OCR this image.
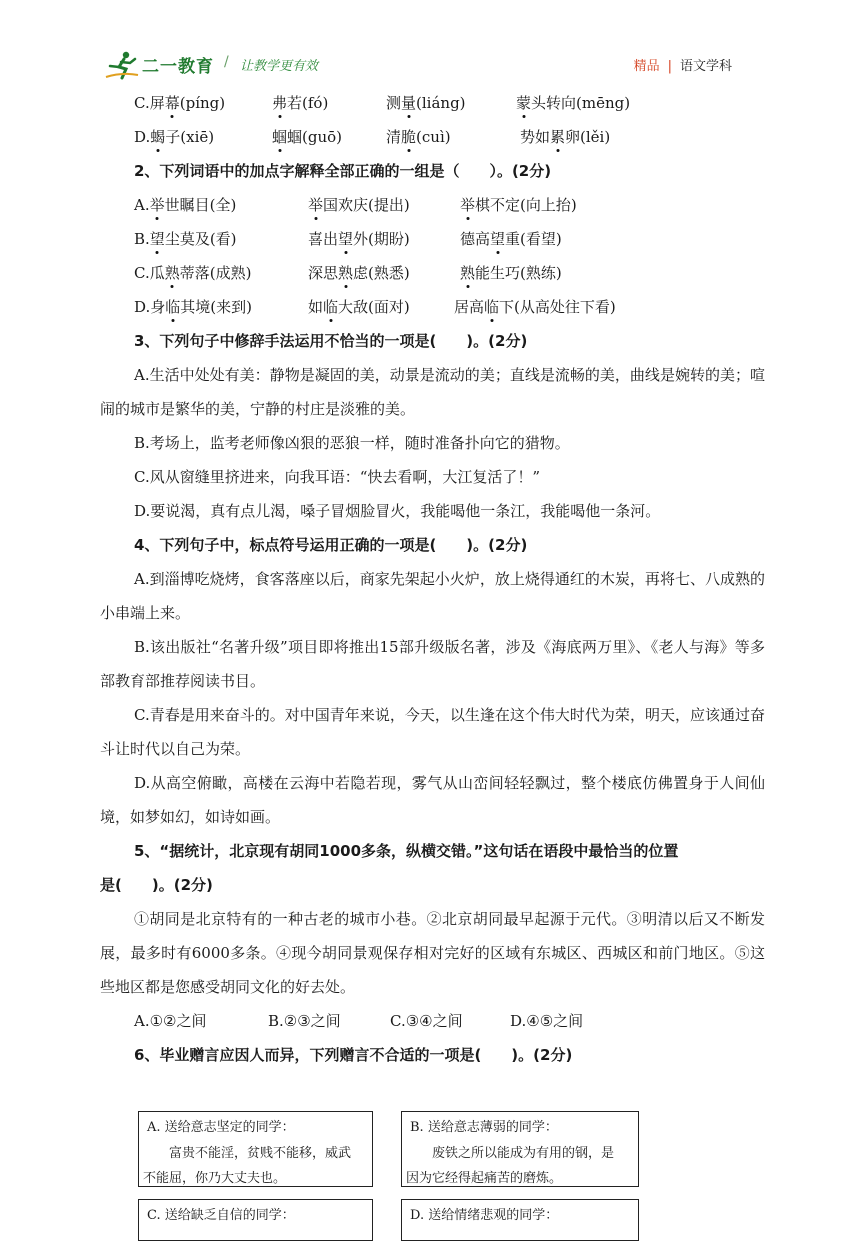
二一教育 / 让教学更有效	精品 | 语文学科
C.屏幕(píng)	弗若(fó)	测量(liáng)	蒙头转向(mēng)
D.蝎子(xiē)	蝈蝈(guō)	清脆(cuì)	势如累卵(lěi)
2、下列词语中的加点字解释全部正确的一组是（　　）。(2分)
A.举世瞩目(全)	举国欢庆(提出)	举棋不定(向上抬)
B.望尘莫及(看)	喜出望外(期盼)	德高望重(看望)
C.瓜熟蒂落(成熟)	深思熟虑(熟悉)	熟能生巧(熟练)
D.身临其境(来到)	如临大敌(面对)	居高临下(从高处往下看)
3、下列句子中修辞手法运用不恰当的一项是(　　)。(2分)

A.生活中处处有美：静物是凝固的美，动景是流动的美；直线是流畅的美，曲线是婉转的美；喧闹的城市是繁华的美，宁静的村庄是淡雅的美。

B.考场上，监考老师像凶狠的恶狼一样，随时准备扑向它的猎物。

C.风从窗缝里挤进来，向我耳语：“快去看啊，大江复活了！”

D.要说渴，真有点儿渴，嗓子冒烟脸冒火，我能喝他一条江，我能喝他一条河。

4、下列句子中，标点符号运用正确的一项是(　　)。(2分)

A.到淄博吃烧烤，食客落座以后，商家先架起小火炉，放上烧得通红的木炭，再将七、八成熟的小串端上来。

B.该出版社“名著升级”项目即将推出15部升级版名著，涉及《海底两万里》、《老人与海》等多部教育部推荐阅读书目。

C.青春是用来奋斗的。对中国青年来说，今天，以生逢在这个伟大时代为荣，明天，应该通过奋斗让时代以自己为荣。

D.从高空俯瞰，高楼在云海中若隐若现，雾气从山峦间轻轻飘过，整个楼底仿佛置身于人间仙境，如梦如幻，如诗如画。

5、“据统计，北京现有胡同1000多条，纵横交错。”这句话在语段中最恰当的位置
是(　　)。(2分)

①胡同是北京特有的一种古老的城市小巷。②北京胡同最早起源于元代。③明清以后又不断发展，最多时有6000多条。④现今胡同景观保存相对完好的区域有东城区、西城区和前门地区。⑤这些地区都是您感受胡同文化的好去处。

A.①②之间	B.②③之间	C.③④之间	D.④⑤之间
6、毕业赠言应因人而异，下列赠言不合适的一项是(　　)。(2分)
A. 送给意志坚定的同学：
富贵不能淫，贫贱不能移，威武
不能屈，你乃大丈夫也。
B. 送给意志薄弱的同学：
废铁之所以能成为有用的钢，是
因为它经得起痛苦的磨炼。
C. 送给缺乏自信的同学：	D. 送给情绪悲观的同学：
